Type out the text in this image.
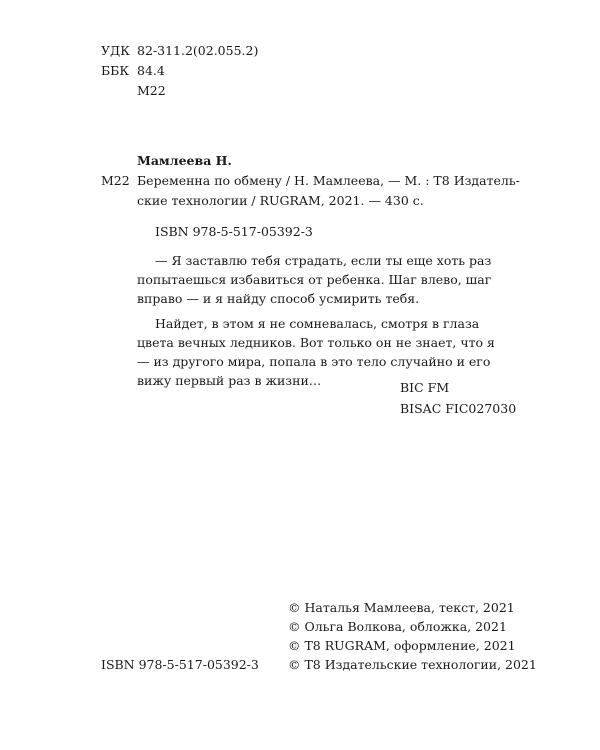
УДК 82-311.2(02.055.2)
ББК 84.4
М22
Мамлеева Н.
М22 Беременна по обмену / Н. Мамлеева, — М. : Т8 Издатель-
ские технологии / RUGRAM, 2021. — 430 с.
ISBN 978-5-517-05392-3

— Я заставлю тебя страдать, если ты еще хоть раз попытаешься избавиться от ребенка. Шаг влево, шаг вправо — и я найду способ усмирить тебя.

Найдет, в этом я не сомневалась, смотря в глаза цвета вечных ледников. Вот только он не знает, что я — из другого мира, попала в это тело случайно и его вижу первый раз в жизни…	BIC FM
BISAC FIC027030
ISBN 978-5-517-05392-3
© Наталья Мамлеева, текст, 2021
© Ольга Волкова, обложка, 2021
© T8 RUGRAM, оформление, 2021
© Т8 Издательские технологии, 2021
